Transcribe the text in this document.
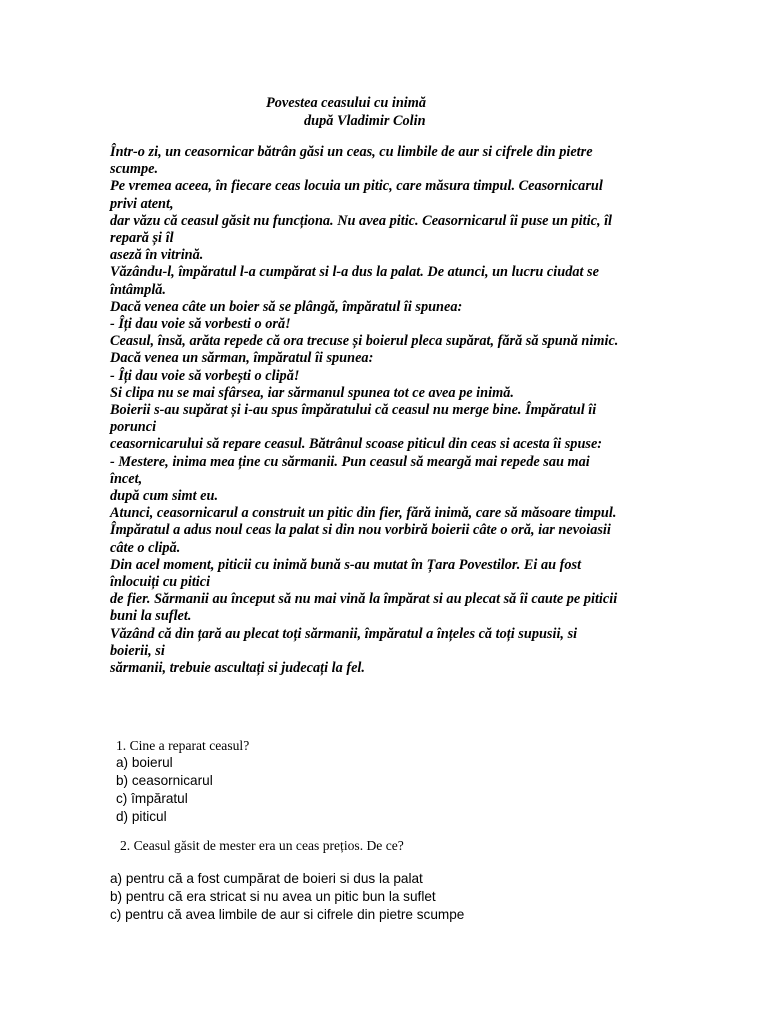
Povestea ceasului cu inimă
după Vladimir Colin
Într-o zi, un ceasornicar bătrân găsi un ceas, cu limbile de aur si cifrele din pietre
scumpe.
Pe vremea aceea, în fiecare ceas locuia un pitic, care măsura timpul. Ceasornicarul
privi atent,
dar văzu că ceasul găsit nu funcționa. Nu avea pitic. Ceasornicarul îi puse un pitic, îl
repară și îl
aseză în vitrină.
Văzându-l, împăratul l-a cumpărat si l-a dus la palat. De atunci, un lucru ciudat se
întâmplă.
Dacă venea câte un boier să se plângă, împăratul îi spunea:
- Îți dau voie să vorbesti o oră!
Ceasul, însă, arăta repede că ora trecuse și boierul pleca supărat, fără să spună nimic.
Dacă venea un sărman, împăratul îi spunea:
- Îți dau voie să vorbești o clipă!
Si clipa nu se mai sfârsea, iar sărmanul spunea tot ce avea pe inimă.
Boierii s-au supărat și i-au spus împăratului că ceasul nu merge bine. Împăratul îi
porunci
ceasornicarului să repare ceasul. Bătrânul scoase piticul din ceas si acesta îi spuse:
- Mestere, inima mea ține cu sărmanii. Pun ceasul să meargă mai repede sau mai
încet,
după cum simt eu.
Atunci, ceasornicarul a construit un pitic din fier, fără inimă, care să măsoare timpul.
Împăratul a adus noul ceas la palat si din nou vorbiră boierii câte o oră, iar nevoiasii
câte o clipă.
Din acel moment, piticii cu inimă bună s-au mutat în Țara Povestilor. Ei au fost
înlocuiți cu pitici
de fier. Sărmanii au început să nu mai vină la împărat si au plecat să îi caute pe piticii
buni la suflet.
Văzând că din țară au plecat toți sărmanii, împăratul a înțeles că toți supusii, si
boierii, si
sărmanii, trebuie ascultați si judecați la fel.
1. Cine a reparat ceasul?
a) boierul
b) ceasornicarul
c) împăratul
d) piticul
2. Ceasul găsit de mester era un ceas prețios. De ce?
a) pentru că a fost cumpărat de boieri si dus la palat
b) pentru că era stricat si nu avea un pitic bun la suflet
c) pentru că avea limbile de aur si cifrele din pietre scumpe
